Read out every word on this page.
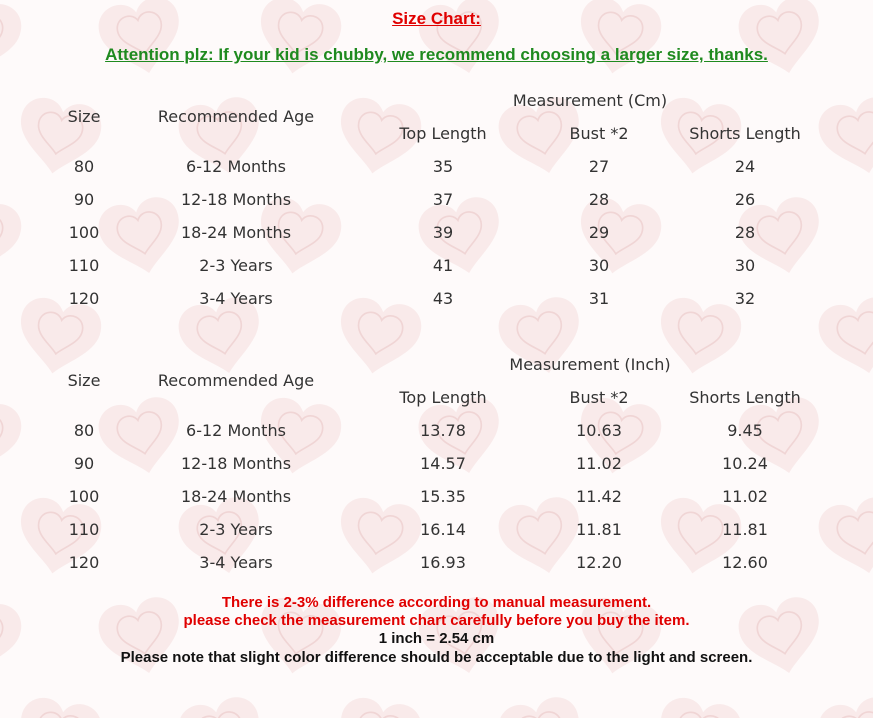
Size Chart:
Attention plz: If your kid is chubby, we recommend choosing a larger size, thanks.
Measurement (Cm)
Size	Recommended Age
Top Length	Bust *2	Shorts Length
80	6-12 Months	35	27	24
90	12-18 Months	37	28	26
100	18-24 Months	39	29	28
110	2-3 Years	41	30	30
120	3-4 Years	43	31	32
Measurement (Inch)
Size	Recommended Age
Top Length	Bust *2	Shorts Length
80	6-12 Months	13.78	10.63	9.45
90	12-18 Months	14.57	11.02	10.24
100	18-24 Months	15.35	11.42	11.02
110	2-3 Years	16.14	11.81	11.81
120	3-4 Years	16.93	12.20	12.60
There is 2-3% difference according to manual measurement.
please check the measurement chart carefully before you buy the item.
1 inch = 2.54 cm
Please note that slight color difference should be acceptable due to the light and screen.
